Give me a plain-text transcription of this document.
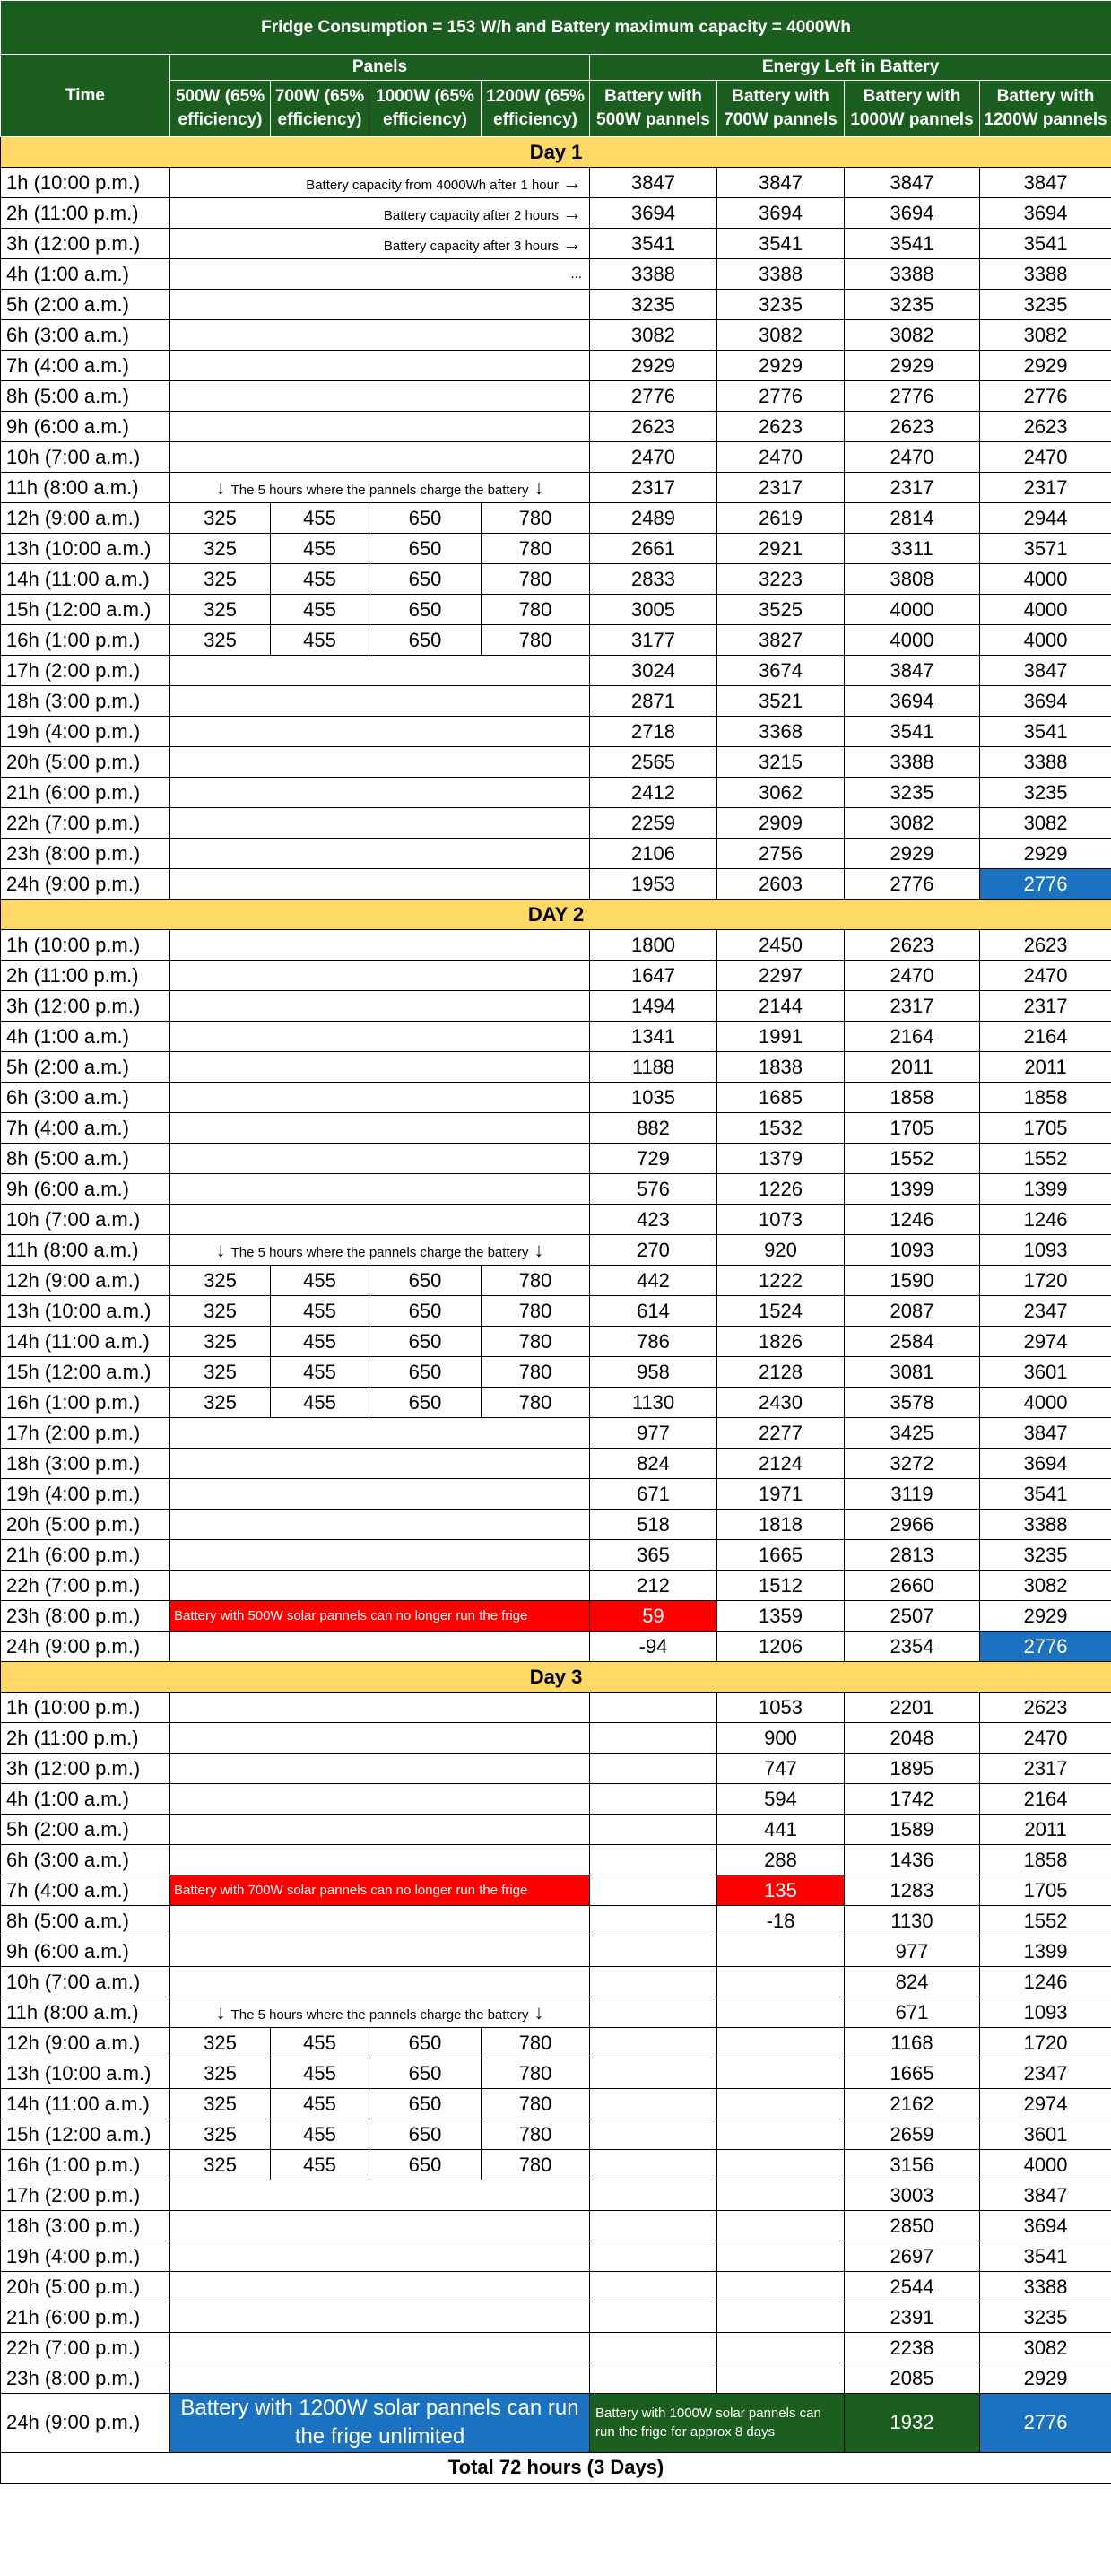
Fridge Consumption = 153 W/h and Battery maximum capacity = 4000Wh								
Time	Panels				Energy Left in Battery			
	500W (65% efficiency)	700W (65% efficiency)	1000W (65% efficiency)	1200W (65% efficiency)	Battery with 500W pannels	Battery with 700W pannels	Battery with 1000W pannels	Battery with 1200W pannels
Day 1								
1h (10:00 p.m.)	Battery capacity from 4000Wh after 1 hour →				3847	3847	3847	3847
2h (11:00 p.m.)	Battery capacity after 2 hours →				3694	3694	3694	3694
3h (12:00 p.m.)	Battery capacity after 3 hours →				3541	3541	3541	3541
4h (1:00 a.m.)	...				3388	3388	3388	3388
5h (2:00 a.m.)					3235	3235	3235	3235
6h (3:00 a.m.)					3082	3082	3082	3082
7h (4:00 a.m.)					2929	2929	2929	2929
8h (5:00 a.m.)					2776	2776	2776	2776
9h (6:00 a.m.)					2623	2623	2623	2623
10h (7:00 a.m.)					2470	2470	2470	2470
11h (8:00 a.m.)	↓ The 5 hours where the pannels charge the battery ↓				2317	2317	2317	2317
12h (9:00 a.m.)	325	455	650	780	2489	2619	2814	2944
13h (10:00 a.m.)	325	455	650	780	2661	2921	3311	3571
14h (11:00 a.m.)	325	455	650	780	2833	3223	3808	4000
15h (12:00 a.m.)	325	455	650	780	3005	3525	4000	4000
16h (1:00 p.m.)	325	455	650	780	3177	3827	4000	4000
17h (2:00 p.m.)					3024	3674	3847	3847
18h (3:00 p.m.)					2871	3521	3694	3694
19h (4:00 p.m.)					2718	3368	3541	3541
20h (5:00 p.m.)					2565	3215	3388	3388
21h (6:00 p.m.)					2412	3062	3235	3235
22h (7:00 p.m.)					2259	2909	3082	3082
23h (8:00 p.m.)					2106	2756	2929	2929
24h (9:00 p.m.)					1953	2603	2776	2776
DAY 2								
1h (10:00 p.m.)					1800	2450	2623	2623
2h (11:00 p.m.)					1647	2297	2470	2470
3h (12:00 p.m.)					1494	2144	2317	2317
4h (1:00 a.m.)					1341	1991	2164	2164
5h (2:00 a.m.)					1188	1838	2011	2011
6h (3:00 a.m.)					1035	1685	1858	1858
7h (4:00 a.m.)					882	1532	1705	1705
8h (5:00 a.m.)					729	1379	1552	1552
9h (6:00 a.m.)					576	1226	1399	1399
10h (7:00 a.m.)					423	1073	1246	1246
11h (8:00 a.m.)	↓ The 5 hours where the pannels charge the battery ↓				270	920	1093	1093
12h (9:00 a.m.)	325	455	650	780	442	1222	1590	1720
13h (10:00 a.m.)	325	455	650	780	614	1524	2087	2347
14h (11:00 a.m.)	325	455	650	780	786	1826	2584	2974
15h (12:00 a.m.)	325	455	650	780	958	2128	3081	3601
16h (1:00 p.m.)	325	455	650	780	1130	2430	3578	4000
17h (2:00 p.m.)					977	2277	3425	3847
18h (3:00 p.m.)					824	2124	3272	3694
19h (4:00 p.m.)					671	1971	3119	3541
20h (5:00 p.m.)					518	1818	2966	3388
21h (6:00 p.m.)					365	1665	2813	3235
22h (7:00 p.m.)					212	1512	2660	3082
23h (8:00 p.m.)	Battery with 500W solar pannels can no longer run the frige				59	1359	2507	2929
24h (9:00 p.m.)					-94	1206	2354	2776
Day 3								
1h (10:00 p.m.)						1053	2201	2623
2h (11:00 p.m.)						900	2048	2470
3h (12:00 p.m.)						747	1895	2317
4h (1:00 a.m.)						594	1742	2164
5h (2:00 a.m.)						441	1589	2011
6h (3:00 a.m.)						288	1436	1858
7h (4:00 a.m.)	Battery with 700W solar pannels can no longer run the frige					135	1283	1705
8h (5:00 a.m.)						-18	1130	1552
9h (6:00 a.m.)							977	1399
10h (7:00 a.m.)							824	1246
11h (8:00 a.m.)	↓ The 5 hours where the pannels charge the battery ↓						671	1093
12h (9:00 a.m.)	325	455	650	780			1168	1720
13h (10:00 a.m.)	325	455	650	780			1665	2347
14h (11:00 a.m.)	325	455	650	780			2162	2974
15h (12:00 a.m.)	325	455	650	780			2659	3601
16h (1:00 p.m.)	325	455	650	780			3156	4000
17h (2:00 p.m.)							3003	3847
18h (3:00 p.m.)							2850	3694
19h (4:00 p.m.)							2697	3541
20h (5:00 p.m.)							2544	3388
21h (6:00 p.m.)							2391	3235
22h (7:00 p.m.)							2238	3082
23h (8:00 p.m.)							2085	2929
24h (9:00 p.m.)	Battery with 1200W solar pannels can run the frige unlimited				Battery with 1000W solar pannels can run the frige for approx 8 days		1932	2776
Total 72 hours (3 Days)								
